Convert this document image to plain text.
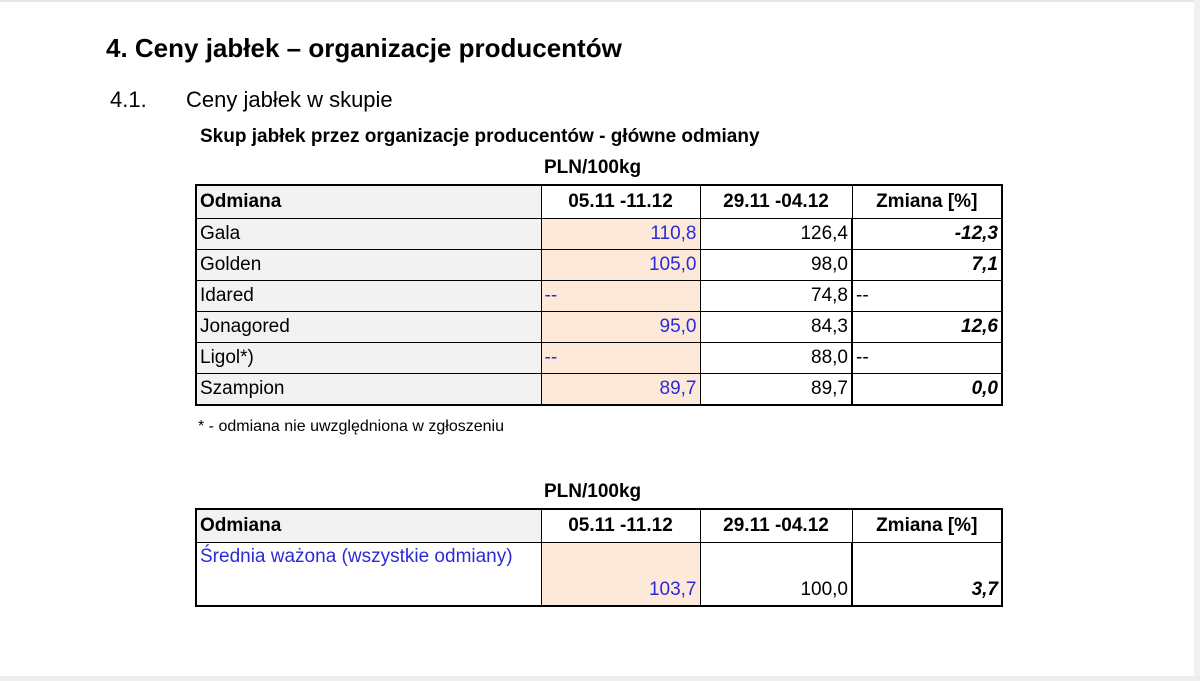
4. Ceny jabłek – organizacje producentów
4.1. Ceny jabłek w skupie
Skup jabłek przez organizacje producentów - główne odmiany
PLN/100kg
Odmiana	05.11 -11.12	29.11 -04.12	Zmiana [%]
Gala	110,8	126,4	-12,3
Golden	105,0	98,0	7,1
Idared	--	74,8	--
Jonagored	95,0	84,3	12,6
Ligol*)	--	88,0	--
Szampion	89,7	89,7	0,0
* - odmiana nie uwzględniona w zgłoszeniu
PLN/100kg
Odmiana	05.11 -11.12	29.11 -04.12	Zmiana [%]
Średnia ważona (wszystkie odmiany)	103,7	100,0	3,7
